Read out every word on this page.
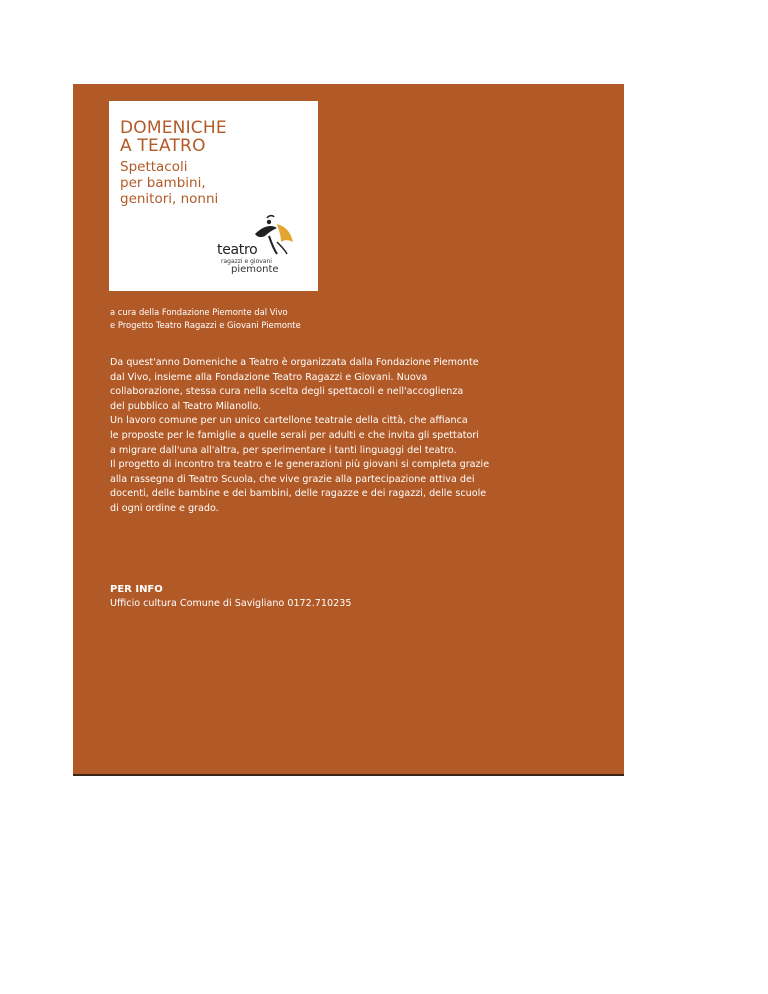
DOMENICHE
A TEATRO
Spettacoli
per bambini,
genitori, nonni
teatro
ragazzi e giovani
piemonte
a cura della Fondazione Piemonte dal Vivo
e Progetto Teatro Ragazzi e Giovani Piemonte
Da quest'anno Domeniche a Teatro è organizzata dalla Fondazione Piemonte
dal Vivo, insieme alla Fondazione Teatro Ragazzi e Giovani. Nuova
collaborazione, stessa cura nella scelta degli spettacoli e nell'accoglienza
del pubblico al Teatro Milanollo.
Un lavoro comune per un unico cartellone teatrale della città, che affianca
le proposte per le famiglie a quelle serali per adulti e che invita gli spettatori
a migrare dall'una all'altra, per sperimentare i tanti linguaggi del teatro.
Il progetto di incontro tra teatro e le generazioni più giovani si completa grazie
alla rassegna di Teatro Scuola, che vive grazie alla partecipazione attiva dei
docenti, delle bambine e dei bambini, delle ragazze e dei ragazzi, delle scuole
di ogni ordine e grado.
PER INFO
Ufficio cultura Comune di Savigliano 0172.710235
